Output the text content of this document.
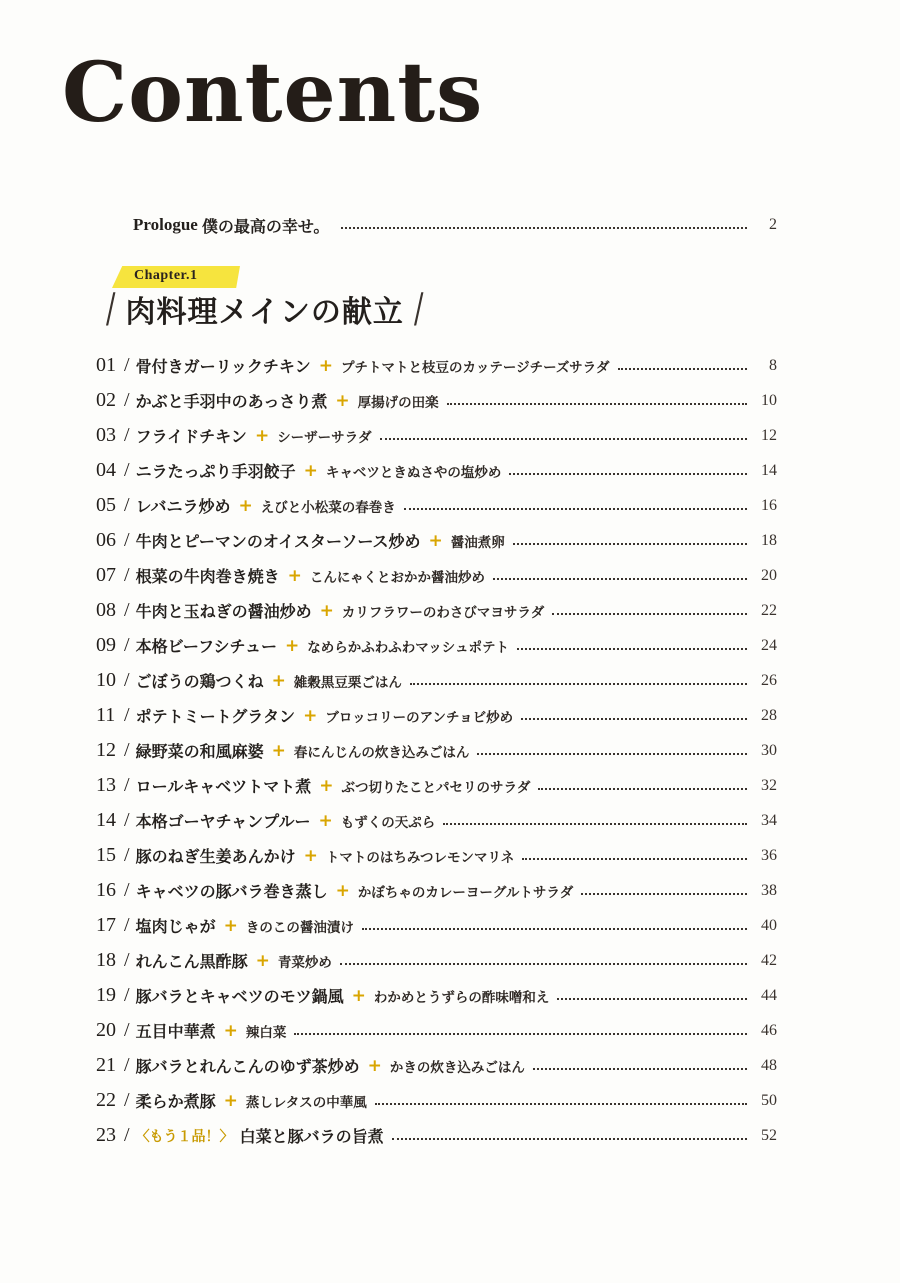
Contents
Prologue 僕の最高の幸せ。	2
Chapter.1
/ 肉料理メインの献立 /
01 / 骨付きガーリックチキン + プチトマトと枝豆のカッテージチーズサラダ	8
02 / かぶと手羽中のあっさり煮 + 厚揚げの田楽	10
03 / フライドチキン + シーザーサラダ	12
04 / ニラたっぷり手羽餃子 + キャベツときぬさやの塩炒め	14
05 / レバニラ炒め + えびと小松菜の春巻き	16
06 / 牛肉とピーマンのオイスターソース炒め + 醤油煮卵	18
07 / 根菜の牛肉巻き焼き + こんにゃくとおかか醤油炒め	20
08 / 牛肉と玉ねぎの醤油炒め + カリフラワーのわさびマヨサラダ	22
09 / 本格ビーフシチュー + なめらかふわふわマッシュポテト	24
10 / ごぼうの鶏つくね + 雑穀黒豆栗ごはん	26
11 / ポテトミートグラタン + ブロッコリーのアンチョビ炒め	28
12 / 緑野菜の和風麻婆 + 春にんじんの炊き込みごはん	30
13 / ロールキャベツトマト煮 + ぶつ切りたことパセリのサラダ	32
14 / 本格ゴーヤチャンプルー + もずくの天ぷら	34
15 / 豚のねぎ生姜あんかけ + トマトのはちみつレモンマリネ	36
16 / キャベツの豚バラ巻き蒸し + かぼちゃのカレーヨーグルトサラダ	38
17 / 塩肉じゃが + きのこの醤油漬け	40
18 / れんこん黒酢豚 + 青菜炒め	42
19 / 豚バラとキャベツのモツ鍋風 + わかめとうずらの酢味噌和え	44
20 / 五目中華煮 + 辣白菜	46
21 / 豚バラとれんこんのゆず茶炒め + かきの炊き込みごはん	48
22 / 柔らか煮豚 + 蒸しレタスの中華風	50
23 / 〈もう１品！〉 白菜と豚バラの旨煮	52
